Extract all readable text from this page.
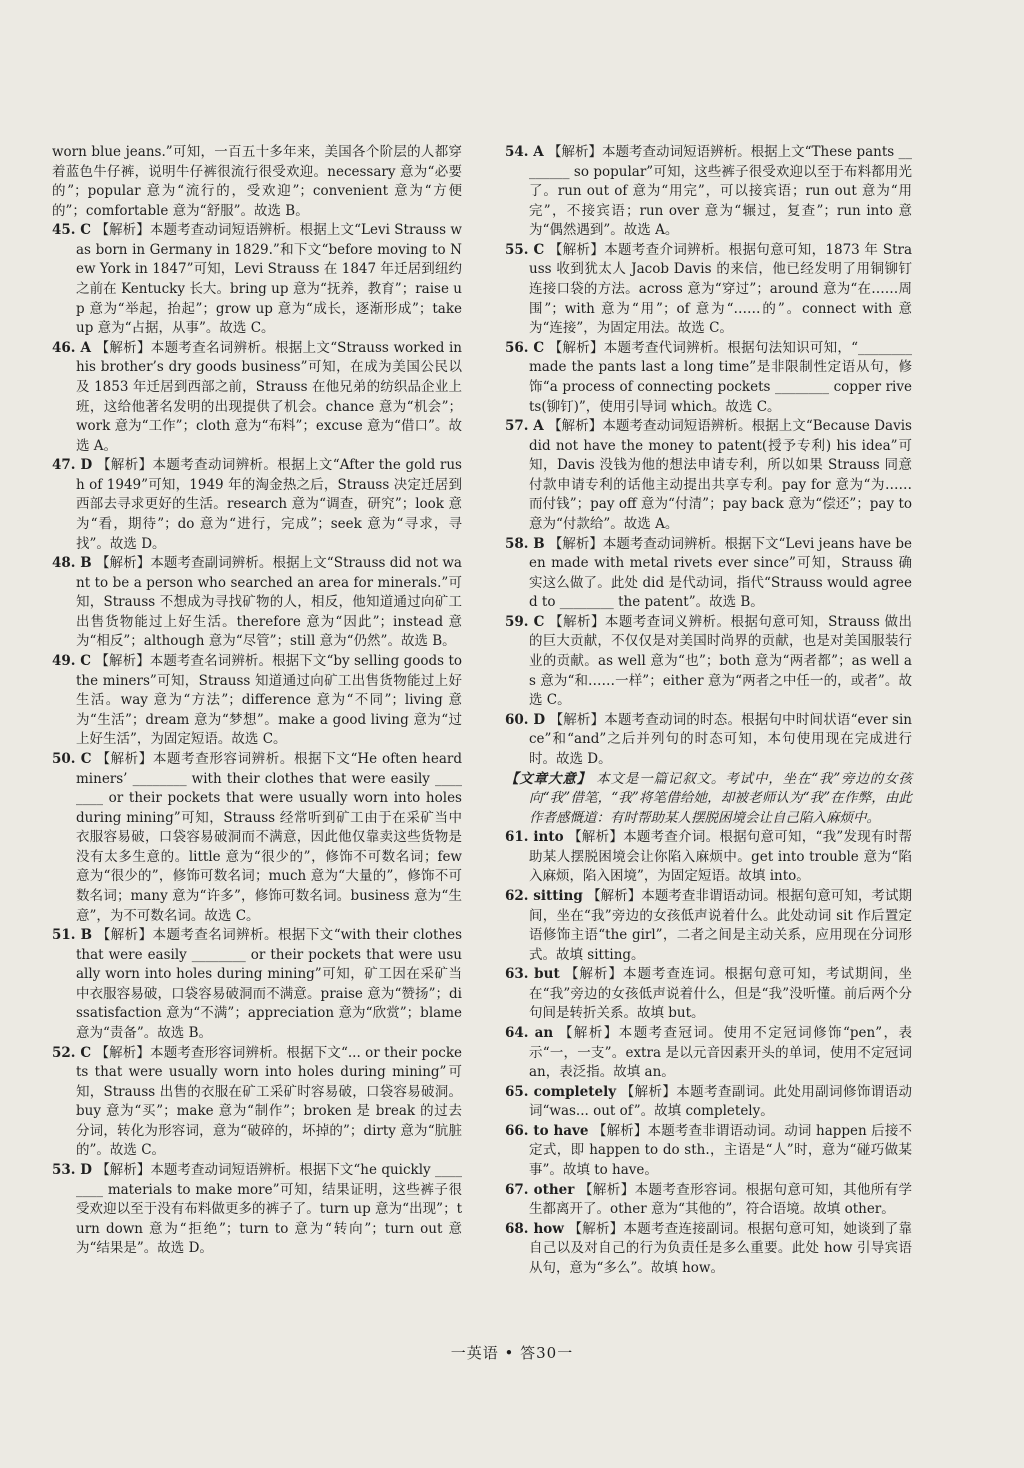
worn blue jeans.”可知，一百五十多年来，美国各个阶层的人都穿着蓝色牛仔裤，说明牛仔裤很流行很受欢迎。necessary 意为“必要的”；popular 意为“流行的，受欢迎”；convenient 意为“方便的”；comfortable 意为“舒服”。故选 B。
45. C 【解析】本题考查动词短语辨析。根据上文“Levi Strauss was born in Germany in 1829.”和下文“before moving to New York in 1847”可知，Levi Strauss 在 1847 年迁居到纽约之前在 Kentucky 长大。bring up 意为“抚养，教育”；raise up 意为“举起，抬起”；grow up 意为“成长，逐渐形成”；take up 意为“占据，从事”。故选 C。
46. A 【解析】本题考查名词辨析。根据上文“Strauss worked in his brother’s dry goods business”可知，在成为美国公民以及 1853 年迁居到西部之前，Strauss 在他兄弟的纺织品企业上班，这给他著名发明的出现提供了机会。chance 意为“机会”；work 意为“工作”；cloth 意为“布料”；excuse 意为“借口”。故选 A。
47. D 【解析】本题考查动词辨析。根据上文“After the gold rush of 1949”可知，1949 年的淘金热之后，Strauss 决定迁居到西部去寻求更好的生活。research 意为“调查，研究”；look 意为“看，期待”；do 意为“进行，完成”；seek 意为“寻求，寻找”。故选 D。
48. B 【解析】本题考查副词辨析。根据上文“Strauss did not want to be a person who searched an area for minerals.”可知，Strauss 不想成为寻找矿物的人，相反，他知道通过向矿工出售货物能过上好生活。therefore 意为“因此”；instead 意为“相反”；although 意为“尽管”；still 意为“仍然”。故选 B。
49. C 【解析】本题考查名词辨析。根据下文“by selling goods to the miners”可知，Strauss 知道通过向矿工出售货物能过上好生活。way 意为“方法”；difference 意为“不同”；living 意为“生活”；dream 意为“梦想”。make a good living 意为“过上好生活”，为固定短语。故选 C。
50. C 【解析】本题考查形容词辨析。根据下文“He often heard miners’ ________ with their clothes that were easily ________ or their pockets that were usually worn into holes during mining”可知，Strauss 经常听到矿工由于在采矿当中衣服容易破，口袋容易破洞而不满意，因此他仅靠卖这些货物是没有太多生意的。little 意为“很少的”，修饰不可数名词；few 意为“很少的”，修饰可数名词；much 意为“大量的”，修饰不可数名词；many 意为“许多”，修饰可数名词。business 意为“生意”，为不可数名词。故选 C。
51. B 【解析】本题考查名词辨析。根据下文“with their clothes that were easily ________ or their pockets that were usually worn into holes during mining”可知，矿工因在采矿当中衣服容易破，口袋容易破洞而不满意。praise 意为“赞扬”；dissatisfaction 意为“不满”；appreciation 意为“欣赏”；blame 意为“责备”。故选 B。
52. C 【解析】本题考查形容词辨析。根据下文“... or their pockets that were usually worn into holes during mining”可知，Strauss 出售的衣服在矿工采矿时容易破，口袋容易破洞。buy 意为“买”；make 意为“制作”；broken 是 break 的过去分词，转化为形容词，意为“破碎的，坏掉的”；dirty 意为“肮脏的”。故选 C。
53. D 【解析】本题考查动词短语辨析。根据下文“he quickly ________ materials to make more”可知，结果证明，这些裤子很受欢迎以至于没有布料做更多的裤子了。turn up 意为“出现”；turn down 意为“拒绝”；turn to 意为“转向”；turn out 意为“结果是”。故选 D。
54. A 【解析】本题考查动词短语辨析。根据上文“These pants ________ so popular”可知，这些裤子很受欢迎以至于布料都用光了。run out of 意为“用完”，可以接宾语；run out 意为“用完”，不接宾语；run over 意为“辗过，复查”；run into 意为“偶然遇到”。故选 A。
55. C 【解析】本题考查介词辨析。根据句意可知，1873 年 Strauss 收到犹太人 Jacob Davis 的来信，他已经发明了用铜铆钉连接口袋的方法。across 意为“穿过”；around 意为“在……周围”；with 意为“用”；of 意为“……的”。connect with 意为“连接”，为固定用法。故选 C。
56. C 【解析】本题考查代词辨析。根据句法知识可知，“________ made the pants last a long time”是非限制性定语从句，修饰“a process of connecting pockets ________ copper rivets(铆钉)”，使用引导词 which。故选 C。
57. A 【解析】本题考查动词短语辨析。根据上文“Because Davis did not have the money to patent(授予专利) his idea”可知，Davis 没钱为他的想法申请专利，所以如果 Strauss 同意付款申请专利的话他主动提出共享专利。pay for 意为“为……而付钱”；pay off 意为“付清”；pay back 意为“偿还”；pay to 意为“付款给”。故选 A。
58. B 【解析】本题考查动词辨析。根据下文“Levi jeans have been made with metal rivets ever since”可知，Strauss 确实这么做了。此处 did 是代动词，指代“Strauss would agreed to ________ the patent”。故选 B。
59. C 【解析】本题考查词义辨析。根据句意可知，Strauss 做出的巨大贡献，不仅仅是对美国时尚界的贡献，也是对美国服装行业的贡献。as well 意为“也”；both 意为“两者都”；as well as 意为“和……一样”；either 意为“两者之中任一的，或者”。故选 C。
60. D 【解析】本题考查动词的时态。根据句中时间状语“ever since”和“and”之后并列句的时态可知，本句使用现在完成进行时。故选 D。
【文章大意】 本文是一篇记叙文。考试中，坐在“我”旁边的女孩向“我”借笔，“我”将笔借给她，却被老师认为“我”在作弊，由此作者感慨道：有时帮助某人摆脱困境会让自己陷入麻烦中。
61. into 【解析】本题考查介词。根据句意可知，“我”发现有时帮助某人摆脱困境会让你陷入麻烦中。get into trouble 意为“陷入麻烦，陷入困境”，为固定短语。故填 into。
62. sitting 【解析】本题考查非谓语动词。根据句意可知，考试期间，坐在“我”旁边的女孩低声说着什么。此处动词 sit 作后置定语修饰主语“the girl”，二者之间是主动关系，应用现在分词形式。故填 sitting。
63. but 【解析】本题考查连词。根据句意可知，考试期间，坐在“我”旁边的女孩低声说着什么，但是“我”没听懂。前后两个分句间是转折关系。故填 but。
64. an 【解析】本题考查冠词。使用不定冠词修饰“pen”，表示“一，一支”。extra 是以元音因素开头的单词，使用不定冠词 an，表泛指。故填 an。
65. completely 【解析】本题考查副词。此处用副词修饰谓语动词“was... out of”。故填 completely。
66. to have 【解析】本题考查非谓语动词。动词 happen 后接不定式，即 happen to do sth.，主语是“人”时，意为“碰巧做某事”。故填 to have。
67. other 【解析】本题考查形容词。根据句意可知，其他所有学生都离开了。other 意为“其他的”，符合语境。故填 other。
68. how 【解析】本题考查连接副词。根据句意可知，她谈到了靠自己以及对自己的行为负责任是多么重要。此处 how 引导宾语从句，意为“多么”。故填 how。
一英语 • 答30一
